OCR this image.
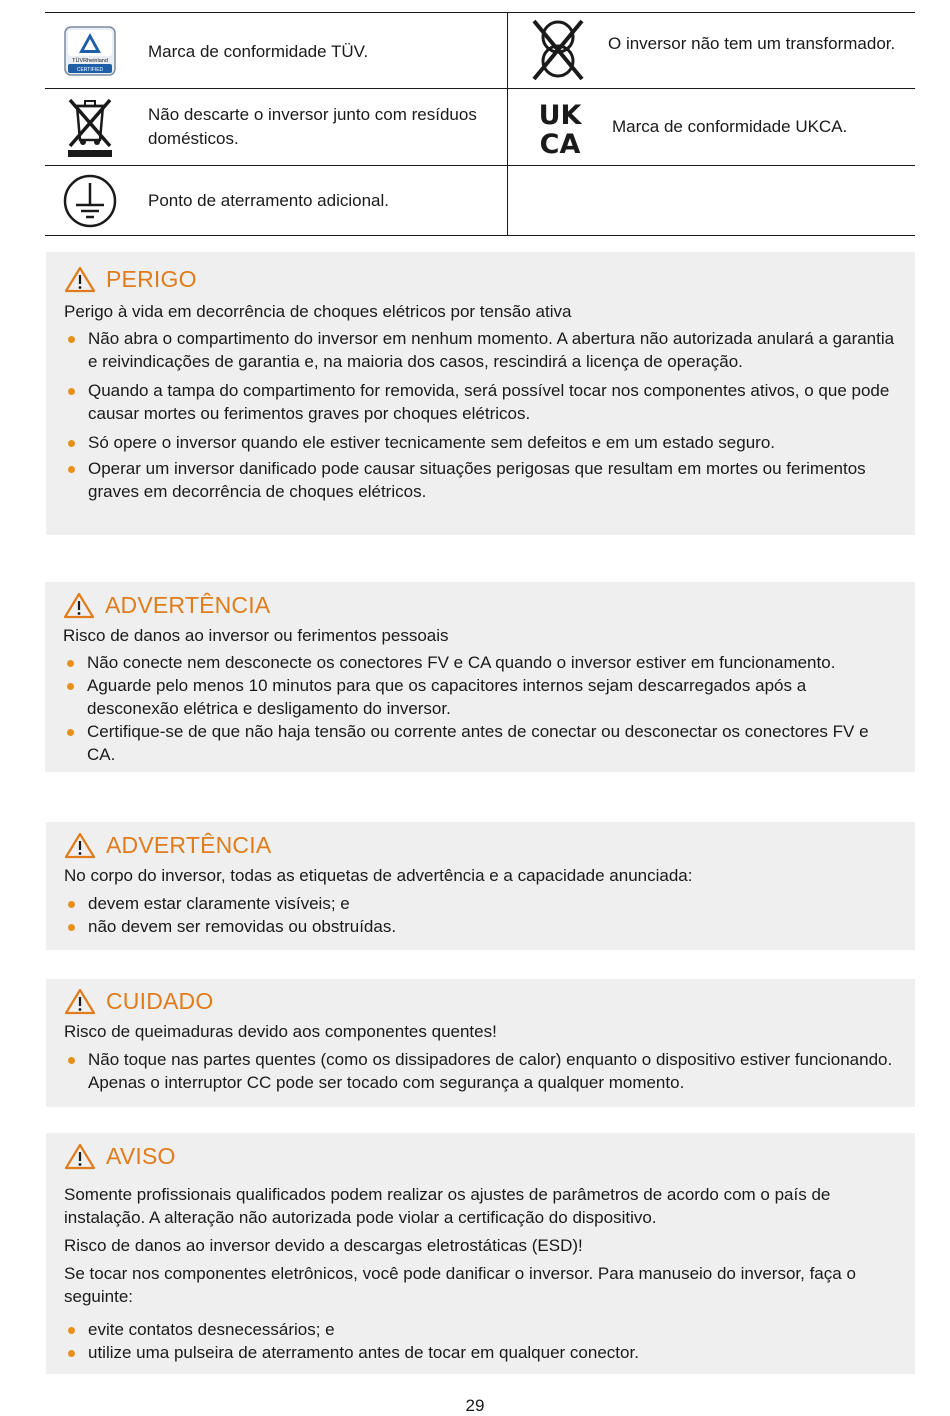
TÜVRheinland
CERTIFIED
Marca de conformidade TÜV.	O inversor não tem um transformador.
Não descarte o inversor junto com resíduos domésticos.
UK
CA
Marca de conformidade UKCA.
Ponto de aterramento adicional.
PERIGO
Perigo à vida em decorrência de choques elétricos por tensão ativa
Não abra o compartimento do inversor em nenhum momento. A abertura não autorizada anulará a garantia e reivindicações de garantia e, na maioria dos casos, rescindirá a licença de operação.
Quando a tampa do compartimento for removida, será possível tocar nos componentes ativos, o que pode causar mortes ou ferimentos graves por choques elétricos.
Só opere o inversor quando ele estiver tecnicamente sem defeitos e em um estado seguro.
Operar um inversor danificado pode causar situações perigosas que resultam em mortes ou ferimentos graves em decorrência de choques elétricos.
ADVERTÊNCIA
Risco de danos ao inversor ou ferimentos pessoais
Não conecte nem desconecte os conectores FV e CA quando o inversor estiver em funcionamento.
Aguarde pelo menos 10 minutos para que os capacitores internos sejam descarregados após a desconexão elétrica e desligamento do inversor.
Certifique-se de que não haja tensão ou corrente antes de conectar ou desconectar os conectores FV e CA.
ADVERTÊNCIA
No corpo do inversor, todas as etiquetas de advertência e a capacidade anunciada:
devem estar claramente visíveis; e
não devem ser removidas ou obstruídas.
CUIDADO
Risco de queimaduras devido aos componentes quentes!
Não toque nas partes quentes (como os dissipadores de calor) enquanto o dispositivo estiver funcionando. Apenas o interruptor CC pode ser tocado com segurança a qualquer momento.
AVISO
Somente profissionais qualificados podem realizar os ajustes de parâmetros de acordo com o país de instalação. A alteração não autorizada pode violar a certificação do dispositivo.
Risco de danos ao inversor devido a descargas eletrostáticas (ESD)!
Se tocar nos componentes eletrônicos, você pode danificar o inversor. Para manuseio do inversor, faça o seguinte:
evite contatos desnecessários; e
utilize uma pulseira de aterramento antes de tocar em qualquer conector.
29
